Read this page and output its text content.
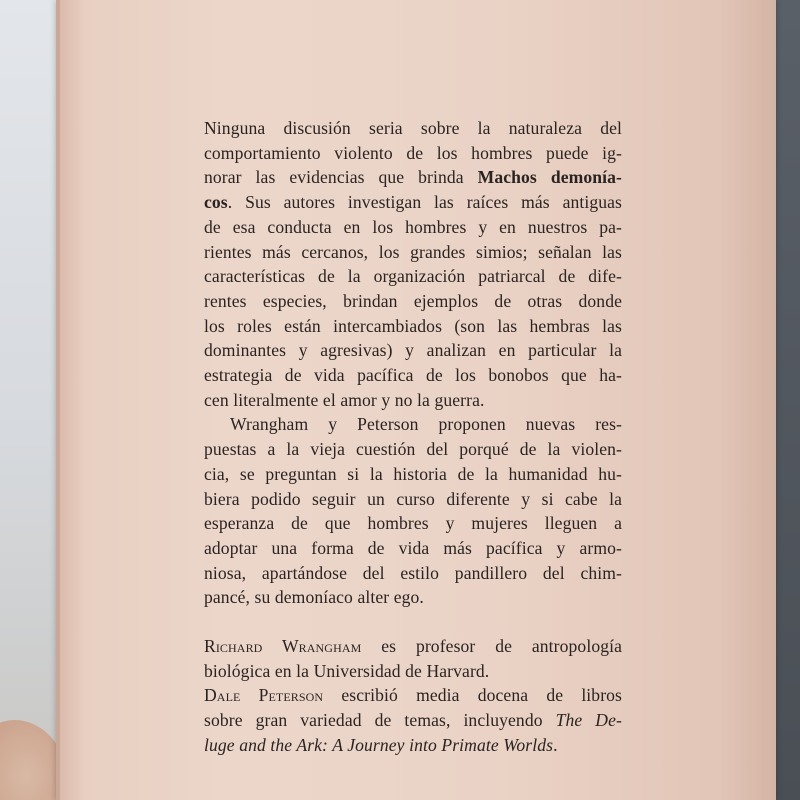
Ninguna discusión seria sobre la naturaleza del
comportamiento violento de los hombres puede ig-
norar las evidencias que brinda Machos demonía-
cos. Sus autores investigan las raíces más antiguas
de esa conducta en los hombres y en nuestros pa-
rientes más cercanos, los grandes simios; señalan las
características de la organización patriarcal de dife-
rentes especies, brindan ejemplos de otras donde
los roles están intercambiados (son las hembras las
dominantes y agresivas) y analizan en particular la
estrategia de vida pacífica de los bonobos que ha-
cen literalmente el amor y no la guerra.
Wrangham y Peterson proponen nuevas res-
puestas a la vieja cuestión del porqué de la violen-
cia, se preguntan si la historia de la humanidad hu-
biera podido seguir un curso diferente y si cabe la
esperanza de que hombres y mujeres lleguen a
adoptar una forma de vida más pacífica y armo-
niosa, apartándose del estilo pandillero del chim-
pancé, su demoníaco alter ego.
Richard Wrangham es profesor de antropología
biológica en la Universidad de Harvard.
Dale Peterson escribió media docena de libros
sobre gran variedad de temas, incluyendo The De-
luge and the Ark: A Journey into Primate Worlds.
